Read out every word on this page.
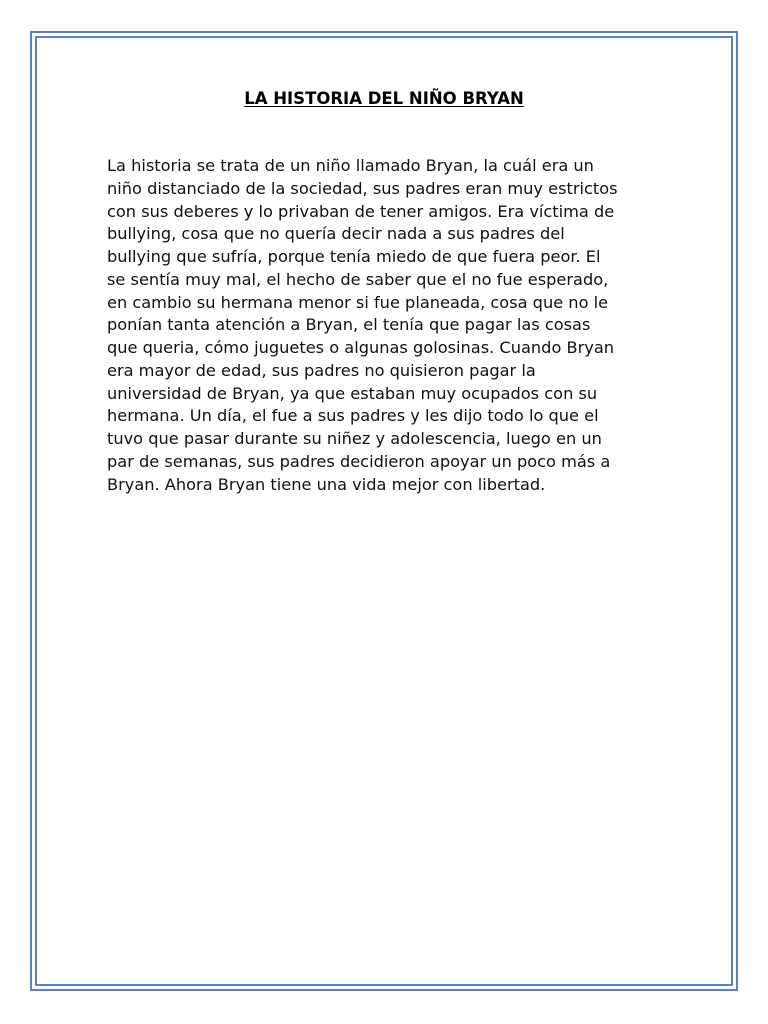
LA HISTORIA DEL NIÑO BRYAN

La historia se trata de un niño llamado Bryan, la cuál era un
niño distanciado de la sociedad, sus padres eran muy estrictos
con sus deberes y lo privaban de tener amigos. Era víctima de
bullying, cosa que no quería decir nada a sus padres del
bullying que sufría, porque tenía miedo de que fuera peor. El
se sentía muy mal, el hecho de saber que el no fue esperado,
en cambio su hermana menor si fue planeada, cosa que no le
ponían tanta atención a Bryan, el tenía que pagar las cosas
que queria, cómo juguetes o algunas golosinas. Cuando Bryan
era mayor de edad, sus padres no quisieron pagar la
universidad de Bryan, ya que estaban muy ocupados con su
hermana. Un día, el fue a sus padres y les dijo todo lo que el
tuvo que pasar durante su niñez y adolescencia, luego en un
par de semanas, sus padres decidieron apoyar un poco más a
Bryan. Ahora Bryan tiene una vida mejor con libertad.
